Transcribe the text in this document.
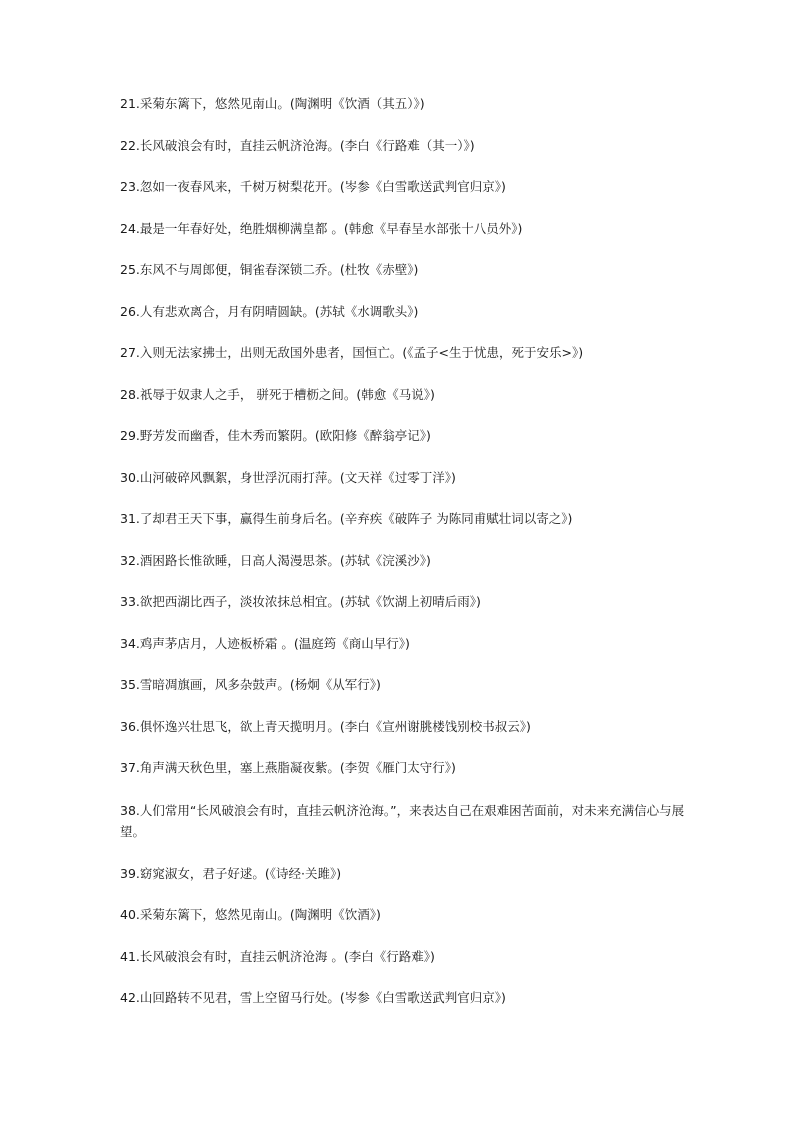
21.采菊东篱下，悠然见南山。(陶渊明《饮酒（其五）》)
22.长风破浪会有时，直挂云帆济沧海。(李白《行路难（其一）》)
23.忽如一夜春风来，千树万树梨花开。(岑参《白雪歌送武判官归京》)
24.最是一年春好处，绝胜烟柳满皇都 。(韩愈《早春呈水部张十八员外》)
25.东风不与周郎便，铜雀春深锁二乔。(杜牧《赤壁》)
26.人有悲欢离合，月有阴晴圆缺。(苏轼《水调歌头》)
27.入则无法家拂士，出则无敌国外患者，国恒亡。(《孟子<生于忧患，死于安乐>》)
28.祇辱于奴隶人之手， 骈死于槽枥之间。(韩愈《马说》)
29.野芳发而幽香，佳木秀而繁阴。(欧阳修《醉翁亭记》)
30.山河破碎风飘絮，身世浮沉雨打萍。(文天祥《过零丁洋》)
31.了却君王天下事，赢得生前身后名。(辛弃疾《破阵子 为陈同甫赋壮词以寄之》)
32.酒困路长惟欲睡，日高人渴漫思茶。(苏轼《浣溪沙》)
33.欲把西湖比西子，淡妆浓抹总相宜。(苏轼《饮湖上初晴后雨》)
34.鸡声茅店月，人迹板桥霜 。(温庭筠《商山早行》)
35.雪暗凋旗画，风多杂鼓声。(杨炯《从军行》)
36.俱怀逸兴壮思飞，欲上青天揽明月。(李白《宣州谢朓楼饯别校书叔云》)
37.角声满天秋色里，塞上燕脂凝夜紫。(李贺《雁门太守行》)
38.人们常用“长风破浪会有时，直挂云帆济沧海。”，来表达自己在艰难困苦面前，对未来充满信心与展望。
39.窈窕淑女，君子好逑。(《诗经·关雎》)
40.采菊东篱下，悠然见南山。(陶渊明《饮酒》)
41.长风破浪会有时，直挂云帆济沧海 。(李白《行路难》)
42.山回路转不见君，雪上空留马行处。(岑参《白雪歌送武判官归京》)
